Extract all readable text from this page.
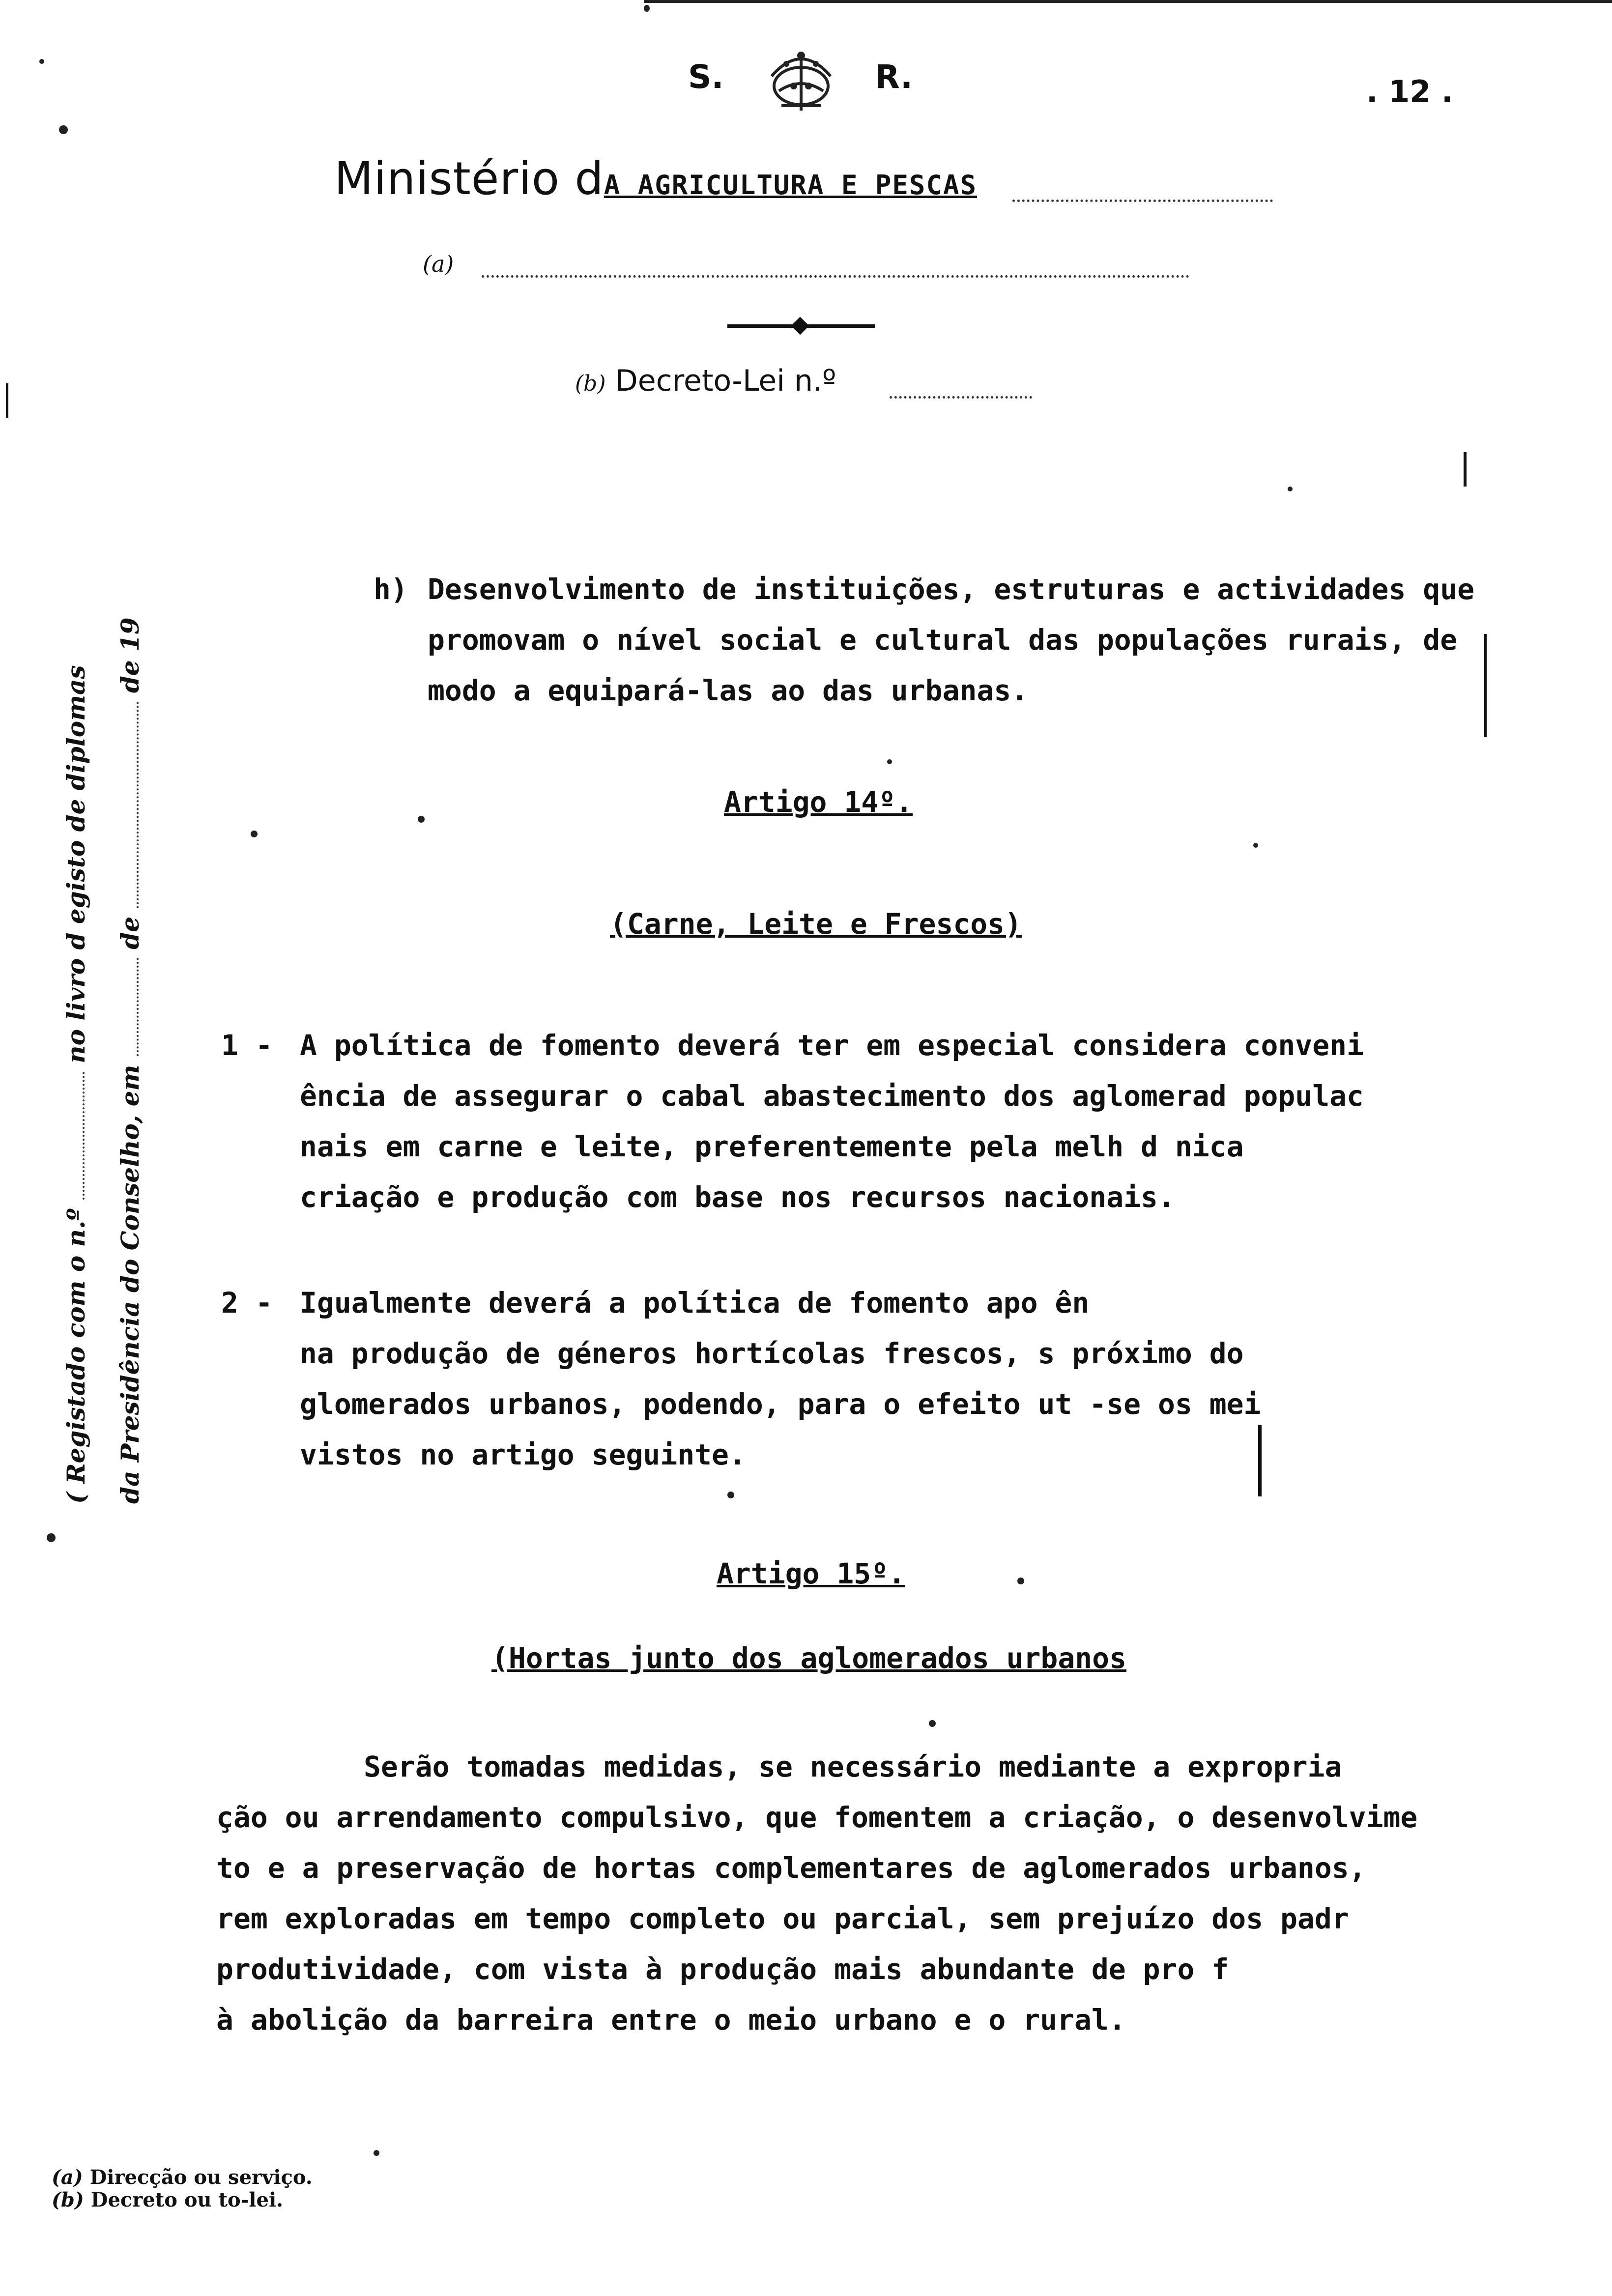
S.	R.	. 12 .
Ministério dA AGRICULTURA E PESCAS
(a)
(b) Decreto-Lei n.º
( Registado com o n.º  no livro d egisto de diplomas
da Presidência do Conselho, em  de  de 19
h) Desenvolvimento de instituições, estruturas e actividades que
promovam o nível social e cultural das populações rurais, de
modo a equipará-las ao das urbanas.
Artigo 14º.
(Carne, Leite e Frescos)
1 - A política de fomento deverá ter em especial considera conveni
ência de assegurar o cabal abastecimento dos aglomerad populac
nais em carne e leite, preferentemente pela melh d nica
criação e produção com base nos recursos nacionais.
2 - Igualmente deverá a política de fomento apo ên
na produção de géneros hortícolas frescos, s próximo do
glomerados urbanos, podendo, para o efeito ut -se os mei
vistos no artigo seguinte.
Artigo 15º.
(Hortas junto dos aglomerados urbanos
Serão tomadas medidas, se necessário mediante a expropria
ção ou arrendamento compulsivo, que fomentem a criação, o desenvolvime
to e a preservação de hortas complementares de aglomerados urbanos,
rem exploradas em tempo completo ou parcial, sem prejuízo dos padr
produtividade, com vista à produção mais abundante de pro f
à abolição da barreira entre o meio urbano e o rural.
(a) Direcção ou serviço.
(b) Decreto ou to-lei.
